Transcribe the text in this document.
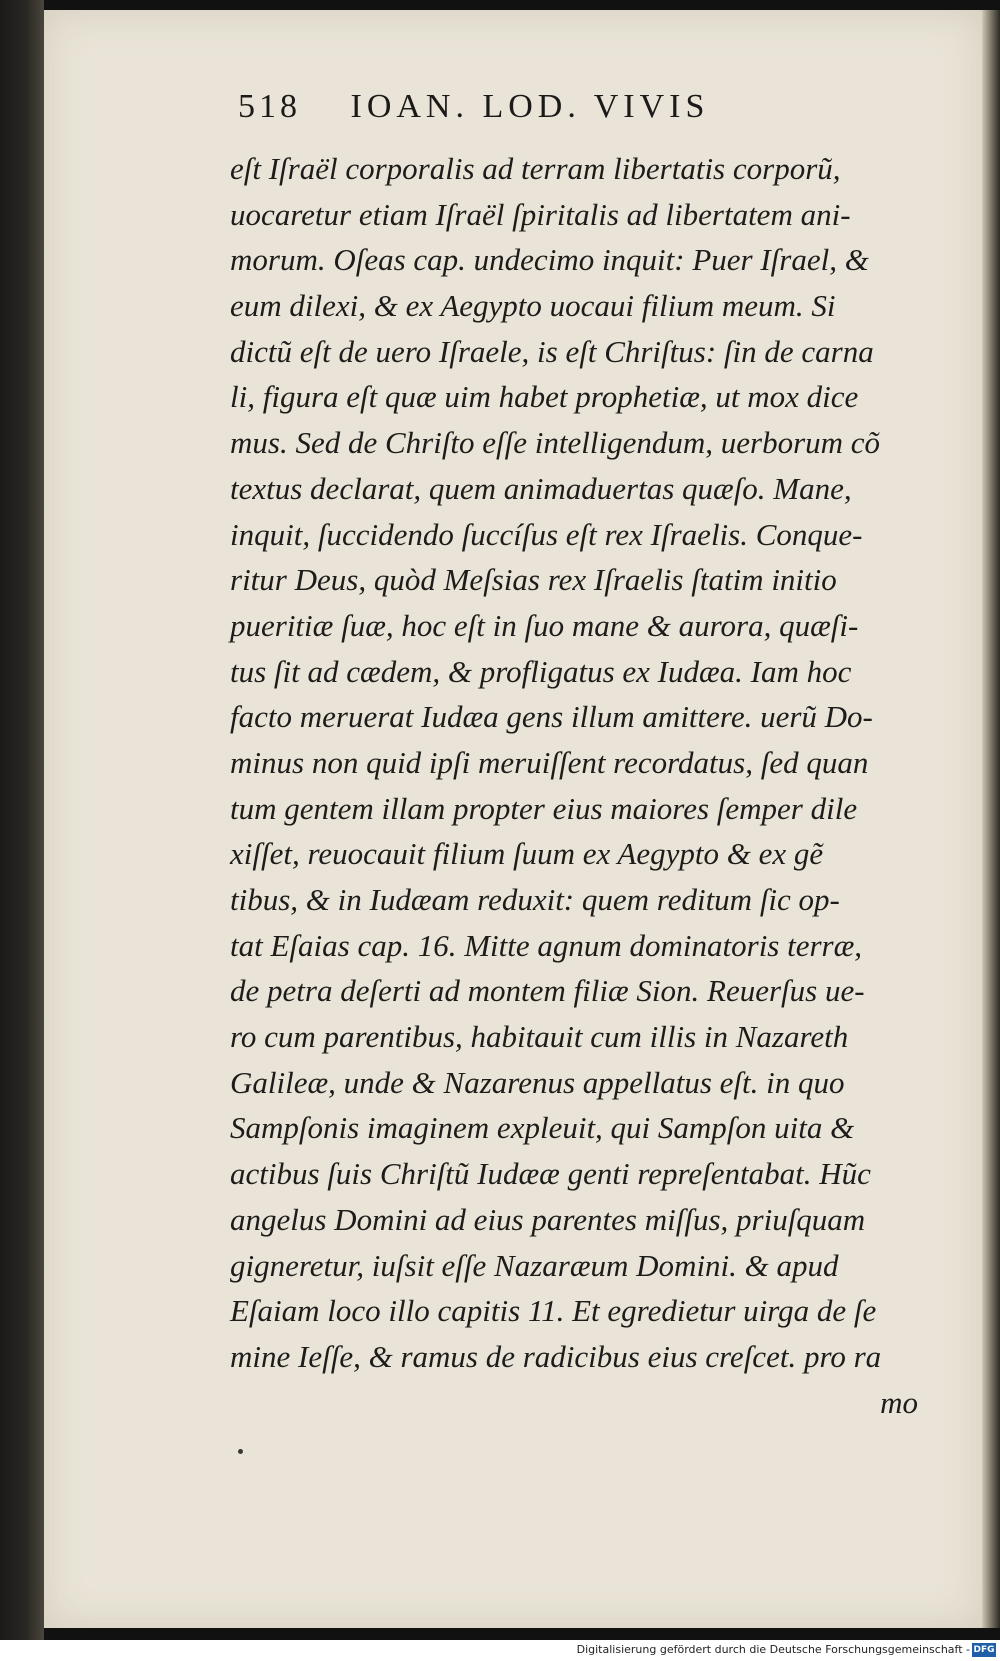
518 IOAN. LOD. VIVIS
eſt Iſraël corporalis ad terram libertatis corporũ,
uocaretur etiam Iſraël ſpiritalis ad libertatem ani-
morum. Oſeas cap. undecimo inquit: Puer Iſrael, &
eum dilexi, & ex Aegypto uocaui filium meum. Si
dictũ eſt de uero Iſraele, is eſt Chriſtus: ſin de carna
li, figura eſt quæ uim habet prophetiæ, ut mox dice
mus. Sed de Chriſto eſſe intelligendum, uerborum cõ
textus declarat, quem animaduertas quæſo. Mane,
inquit, ſuccidendo ſuccíſus eſt rex Iſraelis. Conque-
ritur Deus, quòd Meſsias rex Iſraelis ſtatim initio
pueritiæ ſuæ, hoc eſt in ſuo mane & aurora, quæſi-
tus ſit ad cædem, & profligatus ex Iudæa. Iam hoc
facto meruerat Iudæa gens illum amittere. uerũ Do-
minus non quid ipſi meruiſſent recordatus, ſed quan
tum gentem illam propter eius maiores ſemper dile
xiſſet, reuocauit filium ſuum ex Aegypto & ex gẽ
tibus, & in Iudæam reduxit: quem reditum ſic op-
tat Eſaias cap. 16. Mitte agnum dominatoris terræ,
de petra deſerti ad montem filiæ Sion. Reuerſus ue-
ro cum parentibus, habitauit cum illis in Nazareth
Galileæ, unde & Nazarenus appellatus eſt. in quo
Sampſonis imaginem expleuit, qui Sampſon uita &
actibus ſuis Chriſtũ Iudææ genti repreſentabat. Hũc
angelus Domini ad eius parentes miſſus, priuſquam
gigneretur, iuſsit eſſe Nazaræum Domini. & apud
Eſaiam loco illo capitis 11. Et egredietur uirga de ſe
mine Ieſſe, & ramus de radicibus eius creſcet. pro ra
mo
Digitalisierung gefördert durch die Deutsche Forschungsgemeinschaft - DFG
